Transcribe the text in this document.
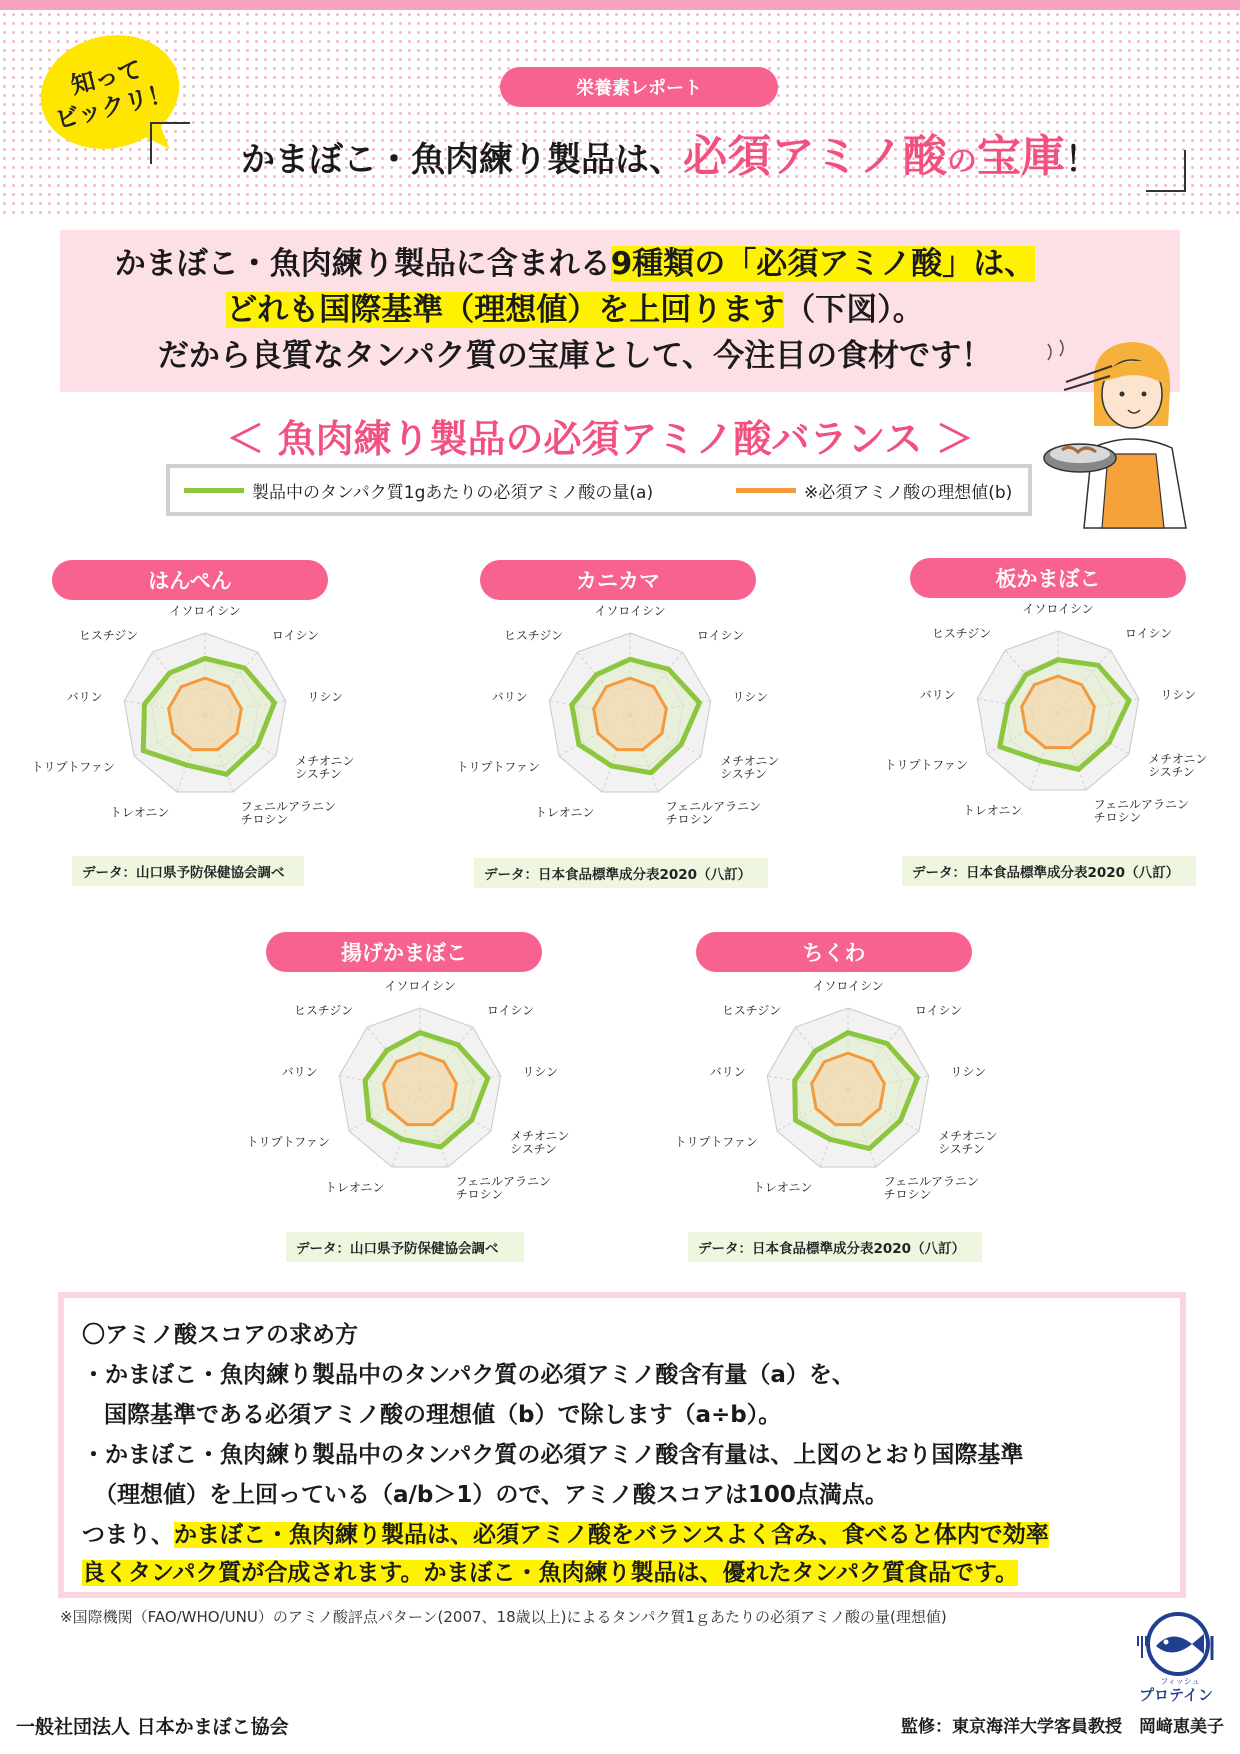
知って
ビックリ！	栄養素レポート
かまぼこ・魚肉練り製品は、 必須アミノ酸 の 宝庫 ！
かまぼこ・魚肉練り製品に含まれる9種類の「必須アミノ酸」は、
どれも国際基準（理想値）を上回ります（下図）。
だから良質なタンパク質の宝庫として、今注目の食材です！
＜ 魚肉練り製品の必須アミノ酸バランス ＞
製品中のタンパク質1gあたりの必須アミノ酸の量(a)	※必須アミノ酸の理想値(b)
はんぺん
イソロイシン
ロイシン
リシン
メチオニンシスチン
フェニルアラニンチロシン
トレオニン
トリプトファン
バリン
ヒスチジン
データ：山口県予防保健協会調べ
カニカマ
イソロイシン
ロイシン
リシン
メチオニンシスチン
フェニルアラニンチロシン
トレオニン
トリプトファン
バリン
ヒスチジン
データ：日本食品標準成分表2020（八訂）
板かまぼこ
イソロイシン
ロイシン
リシン
メチオニンシスチン
フェニルアラニンチロシン
トレオニン
トリプトファン
バリン
ヒスチジン
データ：日本食品標準成分表2020（八訂）
揚げかまぼこ
イソロイシン
ロイシン
リシン
メチオニンシスチン
フェニルアラニンチロシン
トレオニン
トリプトファン
バリン
ヒスチジン
データ：山口県予防保健協会調べ
ちくわ
イソロイシン
ロイシン
リシン
メチオニンシスチン
フェニルアラニンチロシン
トレオニン
トリプトファン
バリン
ヒスチジン
データ：日本食品標準成分表2020（八訂）
〇アミノ酸スコアの求め方
・かまぼこ・魚肉練り製品中のタンパク質の必須アミノ酸含有量（a）を、
国際基準である必須アミノ酸の理想値（b）で除します（a÷b）。
・かまぼこ・魚肉練り製品中のタンパク質の必須アミノ酸含有量は、上図のとおり国際基準
（理想値）を上回っている（a/b＞1）ので、アミノ酸スコアは100点満点。
つまり、かまぼこ・魚肉練り製品は、必須アミノ酸をバランスよく含み、食べると体内で効率
良くタンパク質が合成されます。かまぼこ・魚肉練り製品は、優れたタンパク質食品です。
※国際機関（FAO/WHO/UNU）のアミノ酸評点パターン(2007、18歳以上)によるタンパク質1ｇあたりの必須アミノ酸の量(理想値)
フィッシュ
プロテイン
一般社団法人 日本かまぼこ協会	監修：東京海洋大学客員教授　岡﨑恵美子
